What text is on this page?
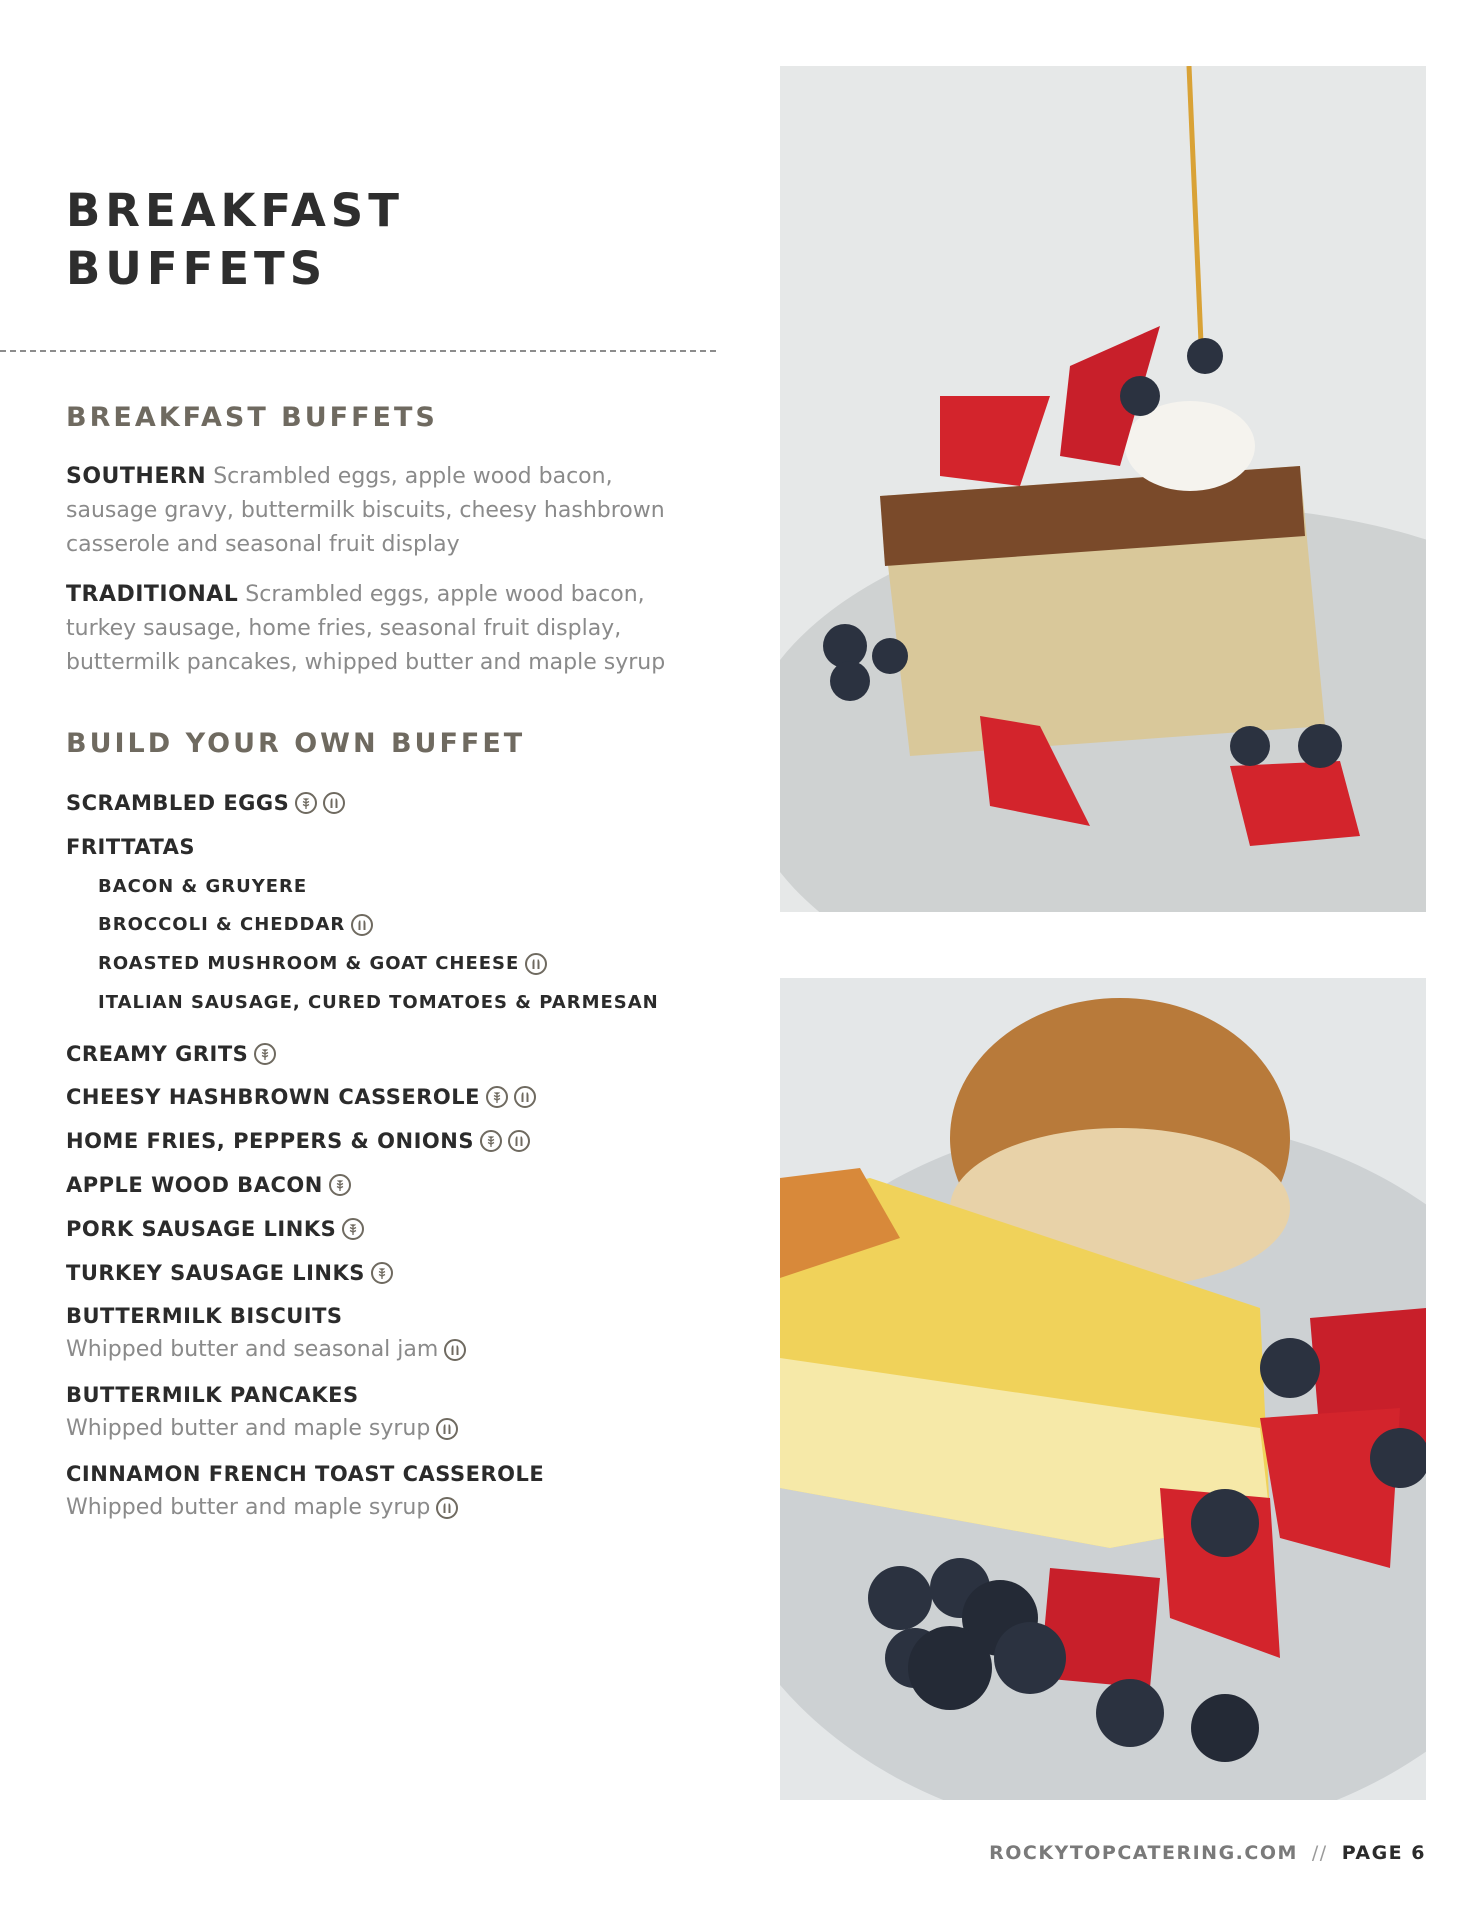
BREAKFAST
BUFFETS
BREAKFAST BUFFETS

SOUTHERN Scrambled eggs, apple wood bacon, sausage gravy, buttermilk biscuits, cheesy hashbrown casserole and seasonal fruit display

TRADITIONAL Scrambled eggs, apple wood bacon, turkey sausage, home fries, seasonal fruit display, buttermilk pancakes, whipped butter and maple syrup

BUILD YOUR OWN BUFFET
SCRAMBLED EGGS
FRITTATAS
BACON & GRUYERE
BROCCOLI & CHEDDAR
ROASTED MUSHROOM & GOAT CHEESE
ITALIAN SAUSAGE, CURED TOMATOES & PARMESAN
CREAMY GRITS
CHEESY HASHBROWN CASSEROLE
HOME FRIES, PEPPERS & ONIONS
APPLE WOOD BACON
PORK SAUSAGE LINKS
TURKEY SAUSAGE LINKS
BUTTERMILK BISCUITS
Whipped butter and seasonal jam
BUTTERMILK PANCAKES
Whipped butter and maple syrup
CINNAMON FRENCH TOAST CASSEROLE
Whipped butter and maple syrup
ROCKYTOPCATERING.COM // PAGE 6
